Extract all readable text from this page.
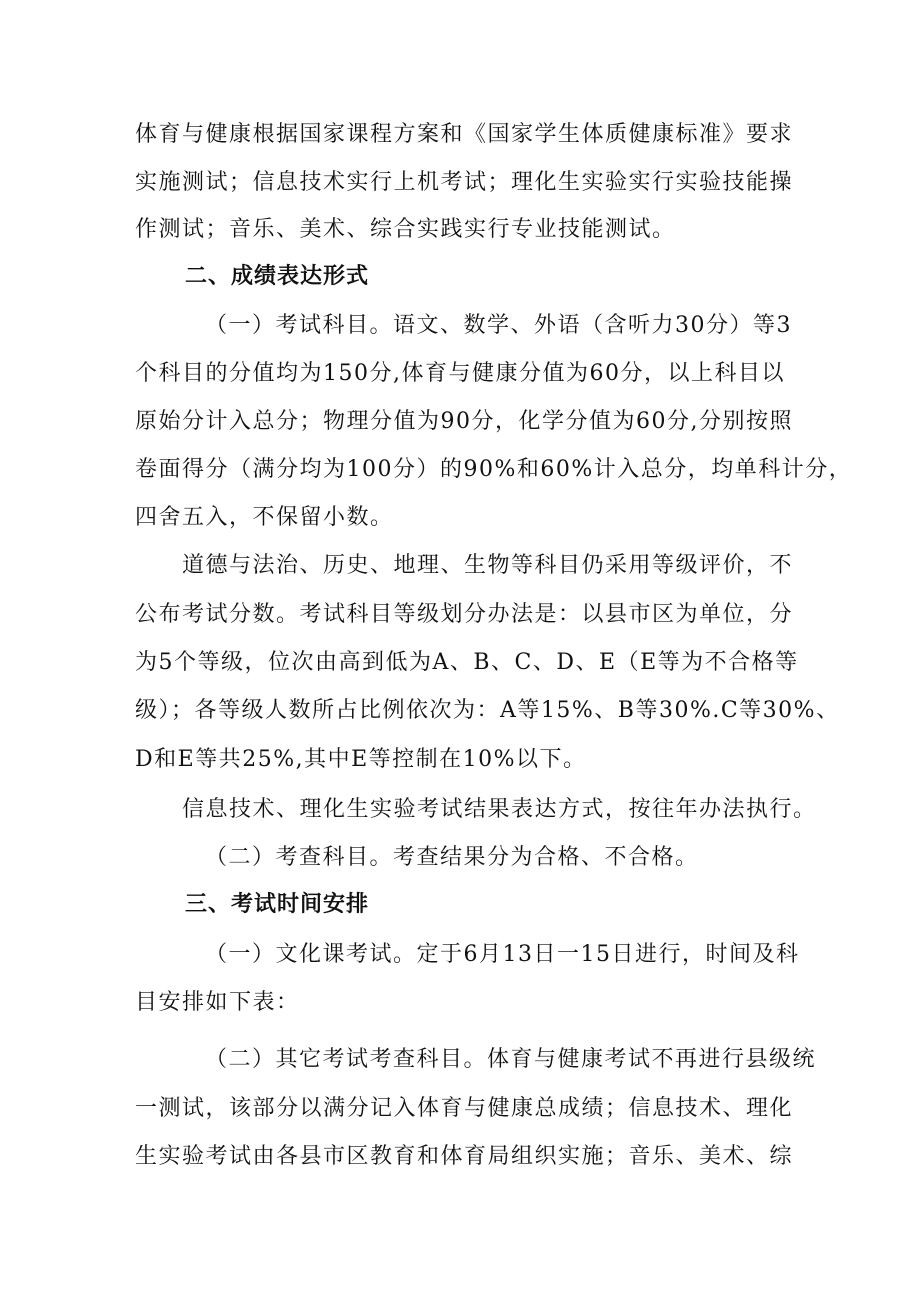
体育与健康根据国家课程方案和《国家学生体质健康标准》要求
实施测试；信息技术实行上机考试；理化生实验实行实验技能操
作测试；音乐、美术、综合实践实行专业技能测试。
二、成绩表达形式
（一）考试科目。语文、数学、外语（含听力30分）等3
个科目的分值均为150分,体育与健康分值为60分，以上科目以
原始分计入总分；物理分值为90分，化学分值为60分,分别按照
卷面得分（满分均为100分）的90%和60%计入总分，均单科计分，
四舍五入，不保留小数。
道德与法治、历史、地理、生物等科目仍采用等级评价，不
公布考试分数。考试科目等级划分办法是：以县市区为单位，分
为5个等级，位次由高到低为A、B、C、D、E（E等为不合格等
级）；各等级人数所占比例依次为：A等15%、B等30%.C等30%、
D和E等共25%,其中E等控制在10%以下。
信息技术、理化生实验考试结果表达方式，按往年办法执行。
（二）考查科目。考查结果分为合格、不合格。
三、考试时间安排
（一）文化课考试。定于6月13日一15日进行，时间及科
目安排如下表：
（二）其它考试考查科目。体育与健康考试不再进行县级统
一测试，该部分以满分记入体育与健康总成绩；信息技术、理化
生实验考试由各县市区教育和体育局组织实施；音乐、美术、综
